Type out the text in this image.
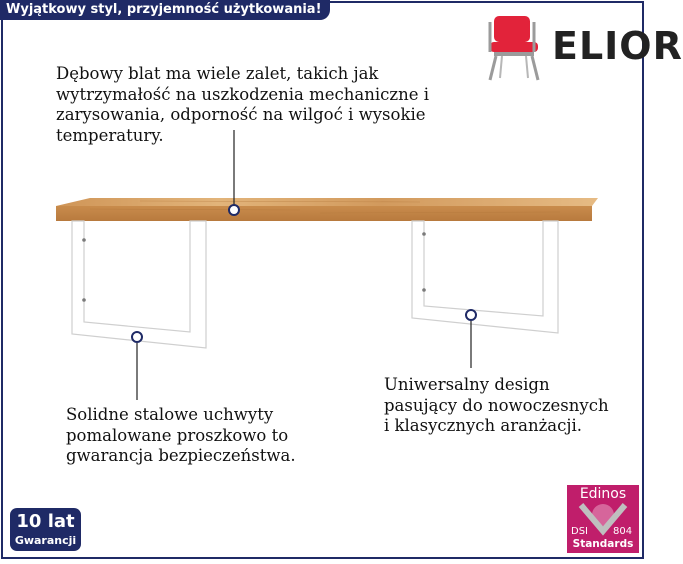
Wyjątkowy styl, przyjemność użytkowania!
ELIOR
Dębowy blat ma wiele zalet, takich jak
wytrzymałość na uszkodzenia mechaniczne i
zarysowania, odporność na wilgoć i wysokie
temperatury.
Solidne stalowe uchwyty
pomalowane proszkowo to
gwarancja bezpieczeństwa.
Uniwersalny design
pasujący do nowoczesnych
i klasycznych aranżacji.
10 lat
Gwarancji
Edinos
DSI	804
Standards
